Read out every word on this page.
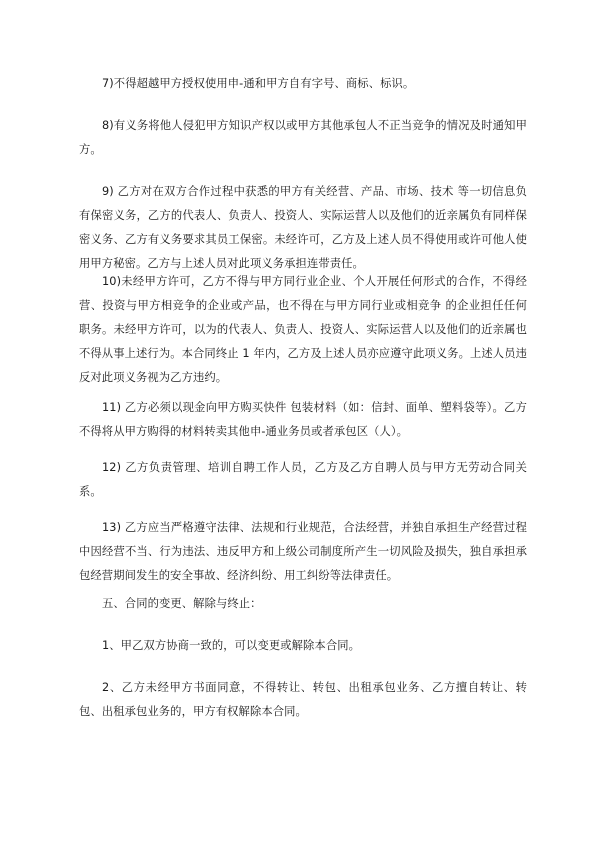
7)不得超越甲方授权使用申-通和甲方自有字号、商标、标识。

8)有义务将他人侵犯甲方知识产权以或甲方其他承包人不正当竞争的情况及时通知甲方。

9) 乙方对在双方合作过程中获悉的甲方有关经营、产品、市场、技术 等一切信息负有保密义务，乙方的代表人、负责人、投资人、实际运营人以及他们的近亲属负有同样保密义务、乙方有义务要求其员工保密。未经许可，乙方及上述人员不得使用或许可他人使用甲方秘密。乙方与上述人员对此项义务承担连带责任。

10)未经甲方许可，乙方不得与甲方同行业企业、个人开展任何形式的合作，不得经营、投资与甲方相竞争的企业或产品，也不得在与甲方同行业或相竞争 的企业担任任何职务。未经甲方许可，以为的代表人、负责人、投资人、实际运营人以及他们的近亲属也不得从事上述行为。本合同终止 1 年内，乙方及上述人员亦应遵守此项义务。上述人员违反对此项义务视为乙方违约。

11) 乙方必须以现金向甲方购买快件 包装材料（如：信封、面单、塑料袋等）。乙方不得将从甲方购得的材料转卖其他申-通业务员或者承包区（人）。

12) 乙方负责管理、培训自聘工作人员，乙方及乙方自聘人员与甲方无劳动合同关系。

13) 乙方应当严格遵守法律、法规和行业规范，合法经营，并独自承担生产经营过程中因经营不当、行为违法、违反甲方和上级公司制度所产生一切风险及损失，独自承担承包经营期间发生的安全事故、经济纠纷、用工纠纷等法律责任。

五、合同的变更、解除与终止：

1、甲乙双方协商一致的，可以变更或解除本合同。

2、乙方未经甲方书面同意，不得转让、转包、出租承包业务、乙方擅自转让、转包、出租承包业务的，甲方有权解除本合同。
